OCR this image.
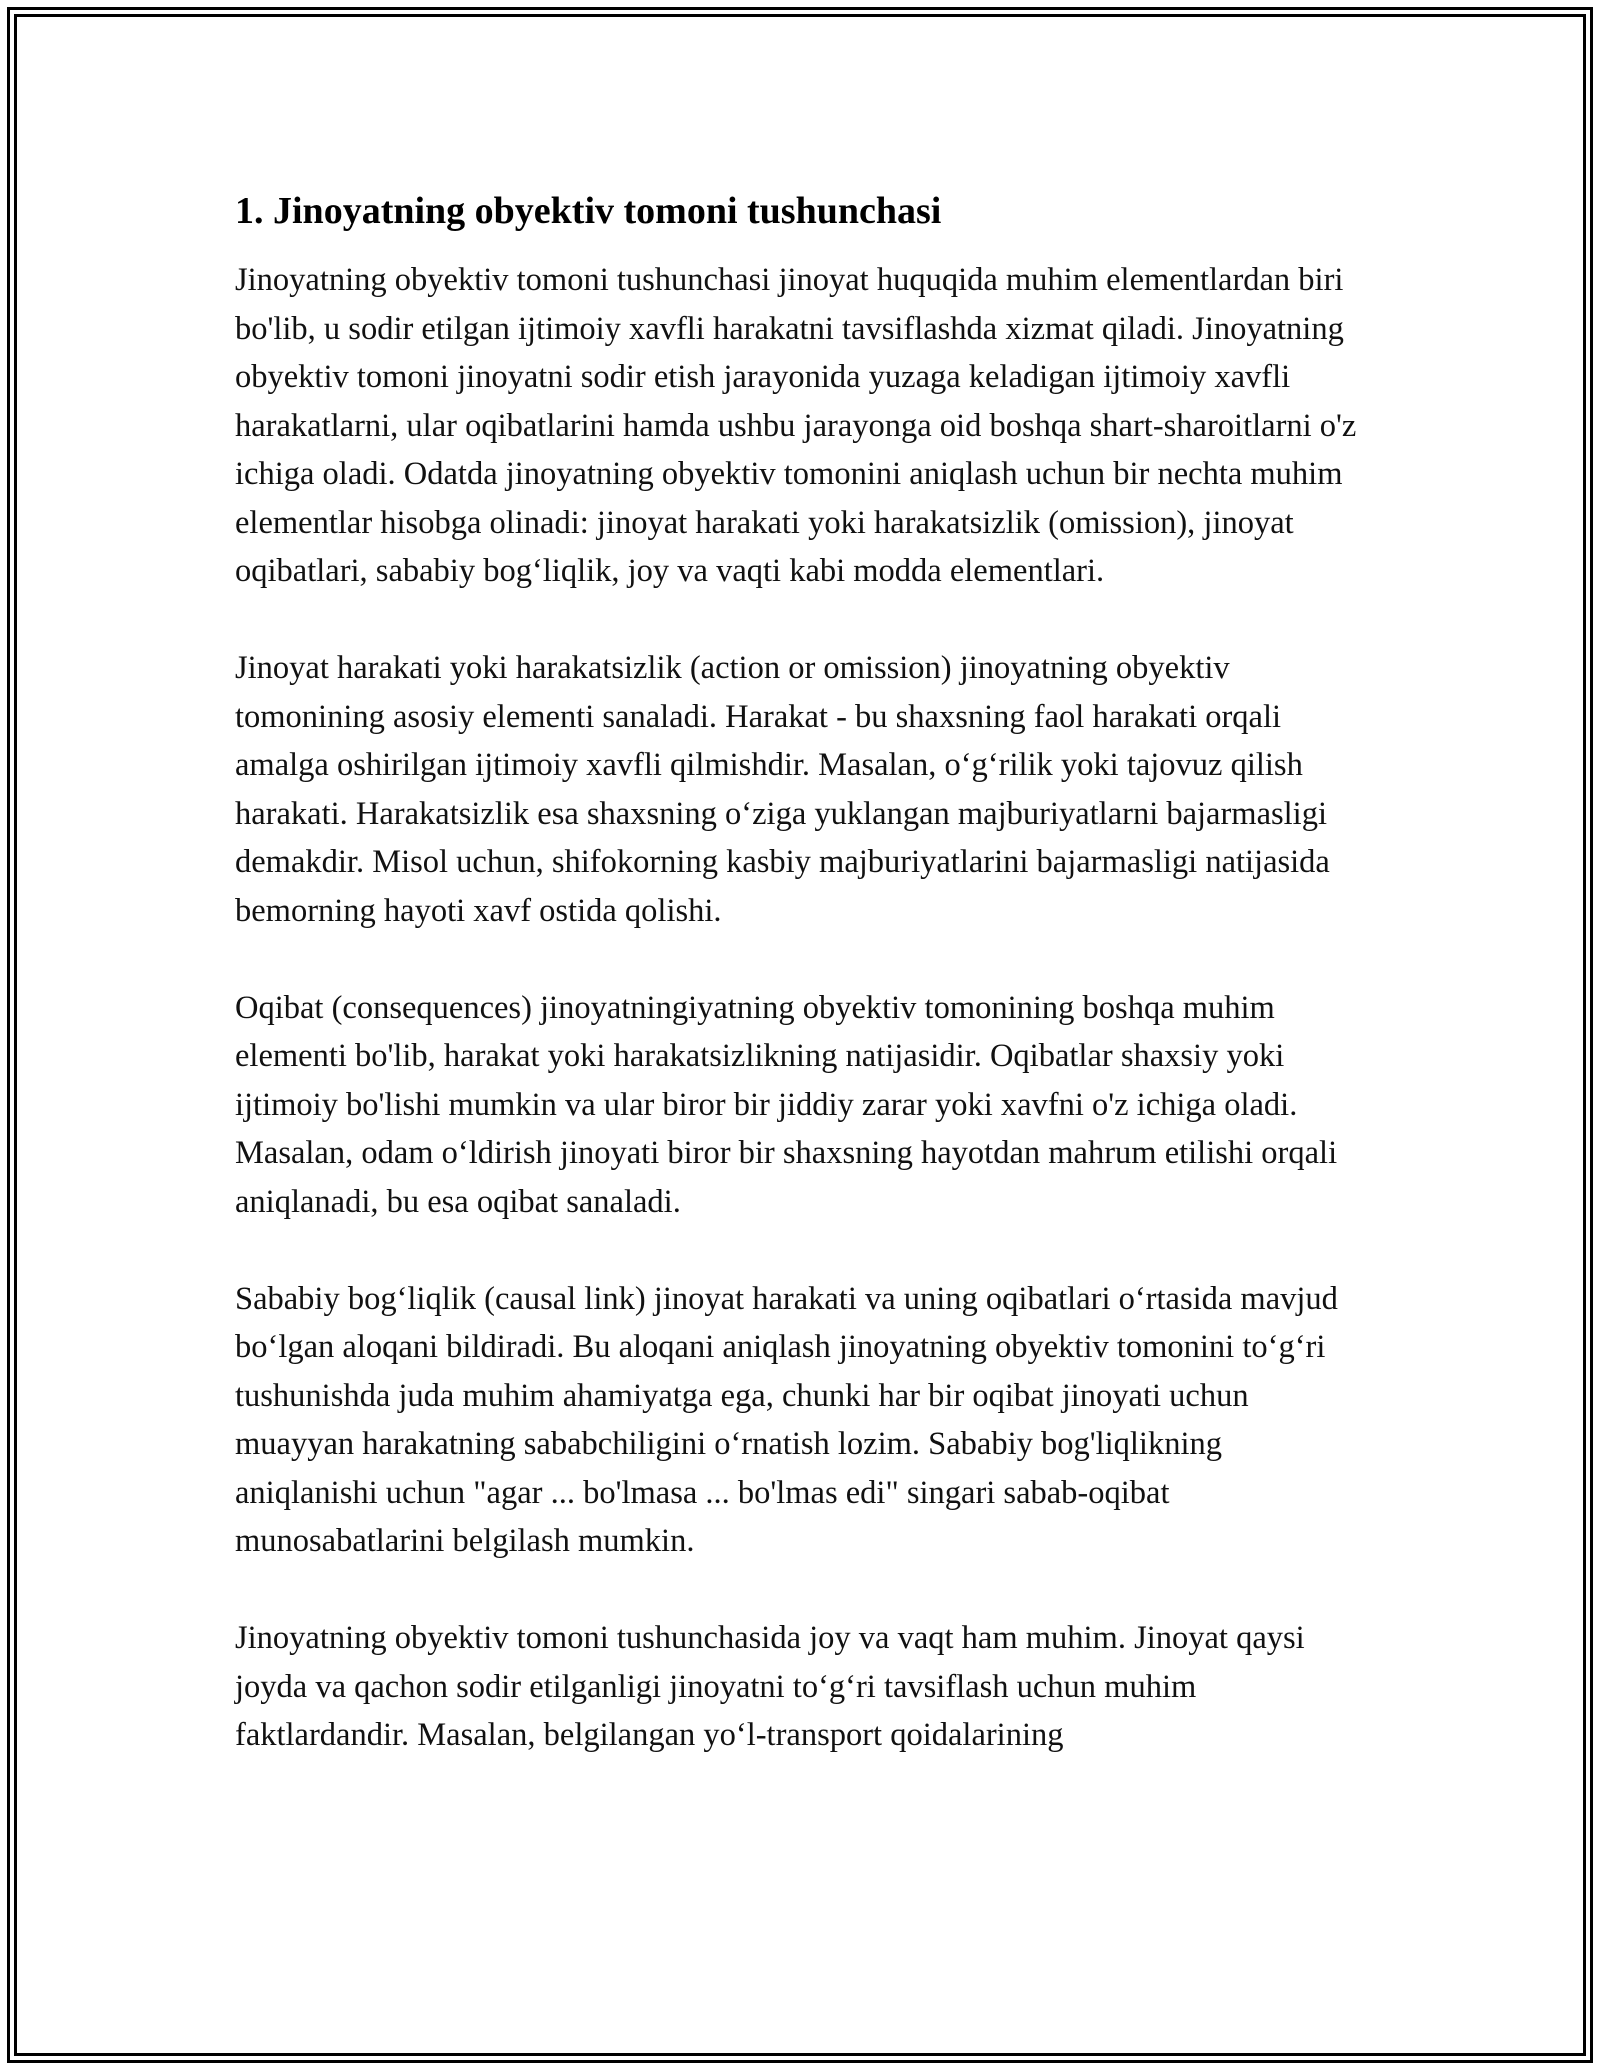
1. Jinoyatning obyektiv tomoni tushunchasi

Jinoyatning obyektiv tomoni tushunchasi jinoyat huquqida muhim elementlardan biri bo'lib, u sodir etilgan ijtimoiy xavfli harakatni tavsiflashda xizmat qiladi. Jinoyatning obyektiv tomoni jinoyatni sodir etish jarayonida yuzaga keladigan ijtimoiy xavfli harakatlarni, ular oqibatlarini hamda ushbu jarayonga oid boshqa shart-sharoitlarni o'z ichiga oladi. Odatda jinoyatning obyektiv tomonini aniqlash uchun bir nechta muhim elementlar hisobga olinadi: jinoyat harakati yoki harakatsizlik (omission), jinoyat oqibatlari, sababiy bog‘liqlik, joy va vaqti kabi modda elementlari.

Jinoyat harakati yoki harakatsizlik (action or omission) jinoyatning obyektiv tomonining asosiy elementi sanaladi. Harakat - bu shaxsning faol harakati orqali amalga oshirilgan ijtimoiy xavfli qilmishdir. Masalan, o‘g‘rilik yoki tajovuz qilish harakati. Harakatsizlik esa shaxsning o‘ziga yuklangan majburiyatlarni bajarmasligi demakdir. Misol uchun, shifokorning kasbiy majburiyatlarini bajarmasligi natijasida bemorning hayoti xavf ostida qolishi.

Oqibat (consequences) jinoyatningiyatning obyektiv tomonining boshqa muhim elementi bo'lib, harakat yoki harakatsizlikning natijasidir. Oqibatlar shaxsiy yoki ijtimoiy bo'lishi mumkin va ular biror bir jiddiy zarar yoki xavfni o'z ichiga oladi. Masalan, odam o‘ldirish jinoyati biror bir shaxsning hayotdan mahrum etilishi orqali aniqlanadi, bu esa oqibat sanaladi.

Sababiy bog‘liqlik (causal link) jinoyat harakati va uning oqibatlari o‘rtasida mavjud bo‘lgan aloqani bildiradi. Bu aloqani aniqlash jinoyatning obyektiv tomonini to‘g‘ri tushunishda juda muhim ahamiyatga ega, chunki har bir oqibat jinoyati uchun muayyan harakatning sababchiligini o‘rnatish lozim. Sababiy bog'liqlikning aniqlanishi uchun "agar ... bo'lmasa ... bo'lmas edi" singari sabab-oqibat munosabatlarini belgilash mumkin.

Jinoyatning obyektiv tomoni tushunchasida joy va vaqt ham muhim. Jinoyat qaysi joyda va qachon sodir etilganligi jinoyatni to‘g‘ri tavsiflash uchun muhim faktlardandir. Masalan, belgilangan yo‘l-transport qoidalarining
